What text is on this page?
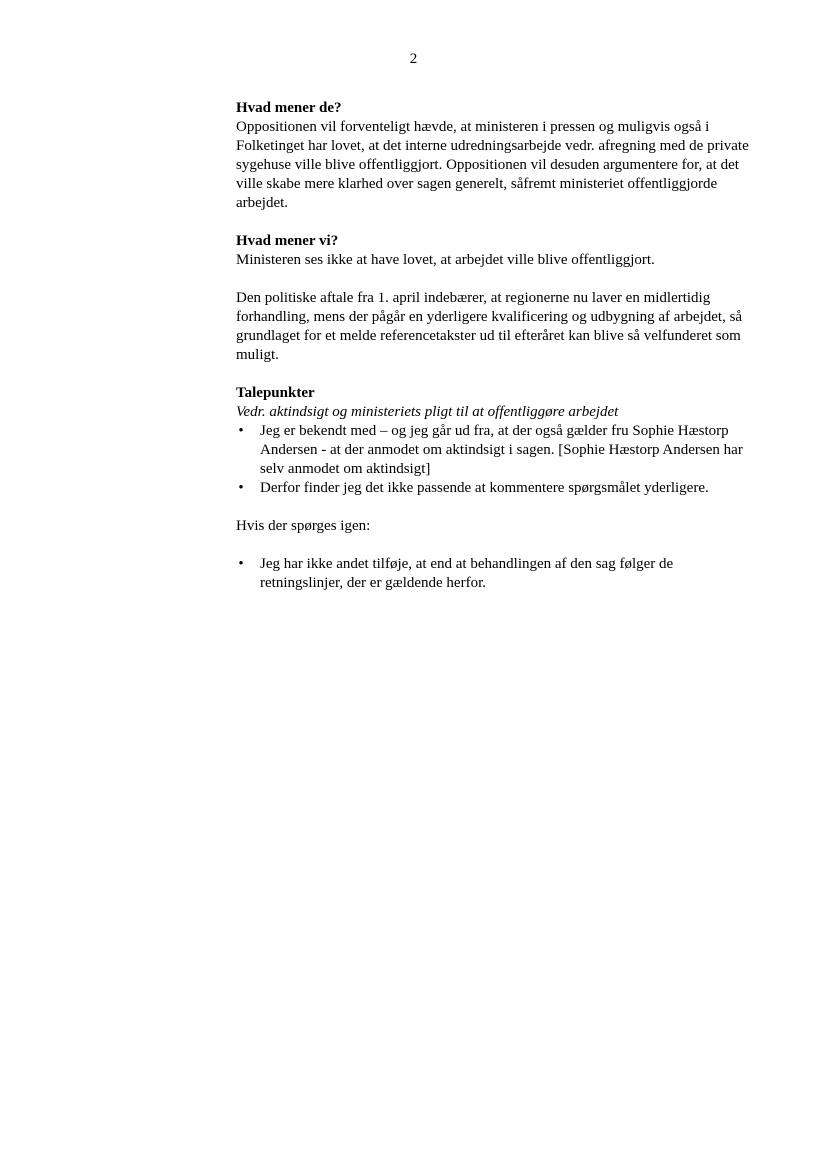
2

Hvad mener de?

Oppositionen vil forventeligt hævde, at ministeren i pressen og muligvis også i Folketinget har lovet, at det interne udredningsarbejde vedr. afregning med de private sygehuse ville blive offentliggjort. Oppositionen vil desuden argumentere for, at det ville skabe mere klarhed over sagen generelt, såfremt ministeriet offentliggjorde arbejdet.

Hvad mener vi?

Ministeren ses ikke at have lovet, at arbejdet ville blive offentliggjort.

Den politiske aftale fra 1. april indebærer, at regionerne nu laver en midlertidig forhandling, mens der pågår en yderligere kvalificering og udbygning af arbejdet, så grundlaget for et melde referencetakster ud til efteråret kan blive så velfunderet som muligt.

Talepunkter

Vedr. aktindsigt og ministeriets pligt til at offentliggøre arbejdet

• Jeg er bekendt med – og jeg går ud fra, at der også gælder fru Sophie Hæstorp Andersen - at der anmodet om aktindsigt i sagen. [Sophie Hæstorp Andersen har selv anmodet om aktindsigt]
• Derfor finder jeg det ikke passende at kommentere spørgsmålet yderligere.

Hvis der spørges igen:

• Jeg har ikke andet tilføje, at end at behandlingen af den sag følger de retningslinjer, der er gældende herfor.
